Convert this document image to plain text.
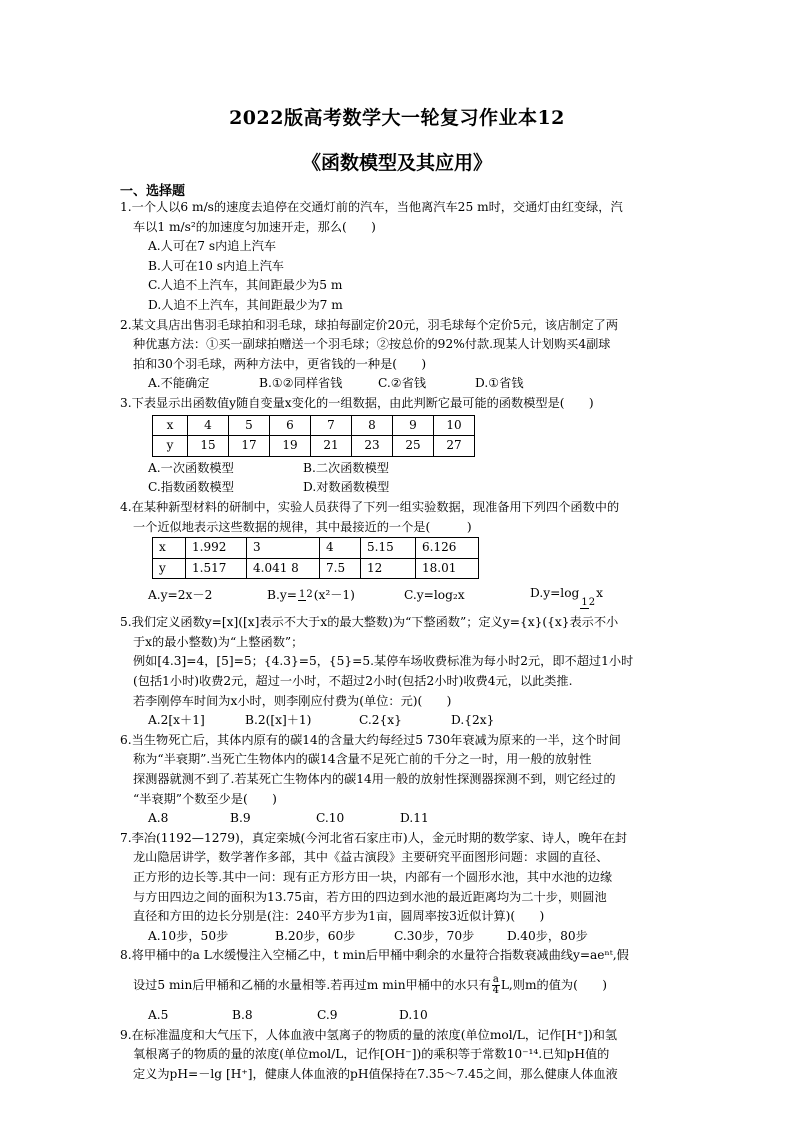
2022版高考数学大一轮复习作业本12
《函数模型及其应用》

一、选择题

1. 一个人以6 m/s的速度去追停在交通灯前的汽车，当他离汽车25 m时，交通灯由红变绿，汽
车以1 m/s²的加速度匀加速开走，那么(　　)
A.人可在7 s内追上汽车
B.人可在10 s内追上汽车
C.人追不上汽车，其间距最少为5 m
D.人追不上汽车，其间距最少为7 m
2. 某文具店出售羽毛球拍和羽毛球，球拍每副定价20元，羽毛球每个定价5元，该店制定了两
种优惠方法：①买一副球拍赠送一个羽毛球；②按总价的92%付款.现某人计划购买4副球
拍和30个羽毛球，两种方法中，更省钱的一种是(　　)
A.不能确定	B.①②同样省钱	C.②省钱	D.①省钱
3. 下表显示出函数值y随自变量x变化的一组数据，由此判断它最可能的函数模型是(　　)
x	4	5	6	7	8	9	10
y	15	17	19	21	23	25	27
A.一次函数模型	B.二次函数模型
C.指数函数模型	D.对数函数模型
4. 在某种新型材料的研制中，实验人员获得了下列一组实验数据，现准备用下列四个函数中的
一个近似地表示这些数据的规律，其中最接近的一个是(　　　)
x	1.992	3	4	5.15	6.126
y	1.517	4.041 8	7.5	12	18.01
A.y=2x－2	B.y= 12(x²－1)	C.y=log₂x	D.y=log12x
5. 我们定义函数y=[x]([x]表示不大于x的最大整数)为“下整函数”；定义y={x}({x}表示不小
于x的最小整数)为“上整函数”；
例如[4.3]=4，[5]=5；{4.3}=5，{5}=5.某停车场收费标准为每小时2元，即不超过1小时
(包括1小时)收费2元，超过一小时，不超过2小时(包括2小时)收费4元，以此类推.
若李刚停车时间为x小时，则李刚应付费为(单位：元)(　　)
A.2[x＋1]	B.2([x]＋1)	C.2{x}	D.{2x}
6. 当生物死亡后，其体内原有的碳14的含量大约每经过5 730年衰减为原来的一半，这个时间
称为“半衰期”.当死亡生物体内的碳14含量不足死亡前的千分之一时，用一般的放射性
探测器就测不到了.若某死亡生物体内的碳14用一般的放射性探测器探测不到，则它经过的
“半衰期”个数至少是(　　)
A.8	B.9	C.10	D.11
7. 李冶(1192—1279)，真定栾城(今河北省石家庄市)人，金元时期的数学家、诗人，晚年在封
龙山隐居讲学，数学著作多部，其中《益古演段》主要研究平面图形问题：求圆的直径、
正方形的边长等.其中一问：现有正方形方田一块，内部有一个圆形水池，其中水池的边缘
与方田四边之间的面积为13.75亩，若方田的四边到水池的最近距离均为二十步，则圆池
直径和方田的边长分别是(注：240平方步为1亩，圆周率按3近似计算)(　　)
A.10步，50步	B.20步，60步	C.30步，70步	D.40步，80步
8. 将甲桶中的a L水缓慢注入空桶乙中，t min后甲桶中剩余的水量符合指数衰减曲线y=aeⁿᵗ,假
设过5 min后甲桶和乙桶的水量相等.若再过m min甲桶中的水只有 $\frac{a}{4} L$,则m的值为(　　)
A.5	B.8	C.9	D.10
9. 在标准温度和大气压下，人体血液中氢离子的物质的量的浓度(单位mol/L，记作[H⁺])和氢
氧根离子的物质的量的浓度(单位mol/L，记作[OH⁻])的乘积等于常数10⁻¹⁴.已知pH值的
定义为pH=－lg [H⁺]，健康人体血液的pH值保持在7.35～7.45之间，那么健康人体血液
